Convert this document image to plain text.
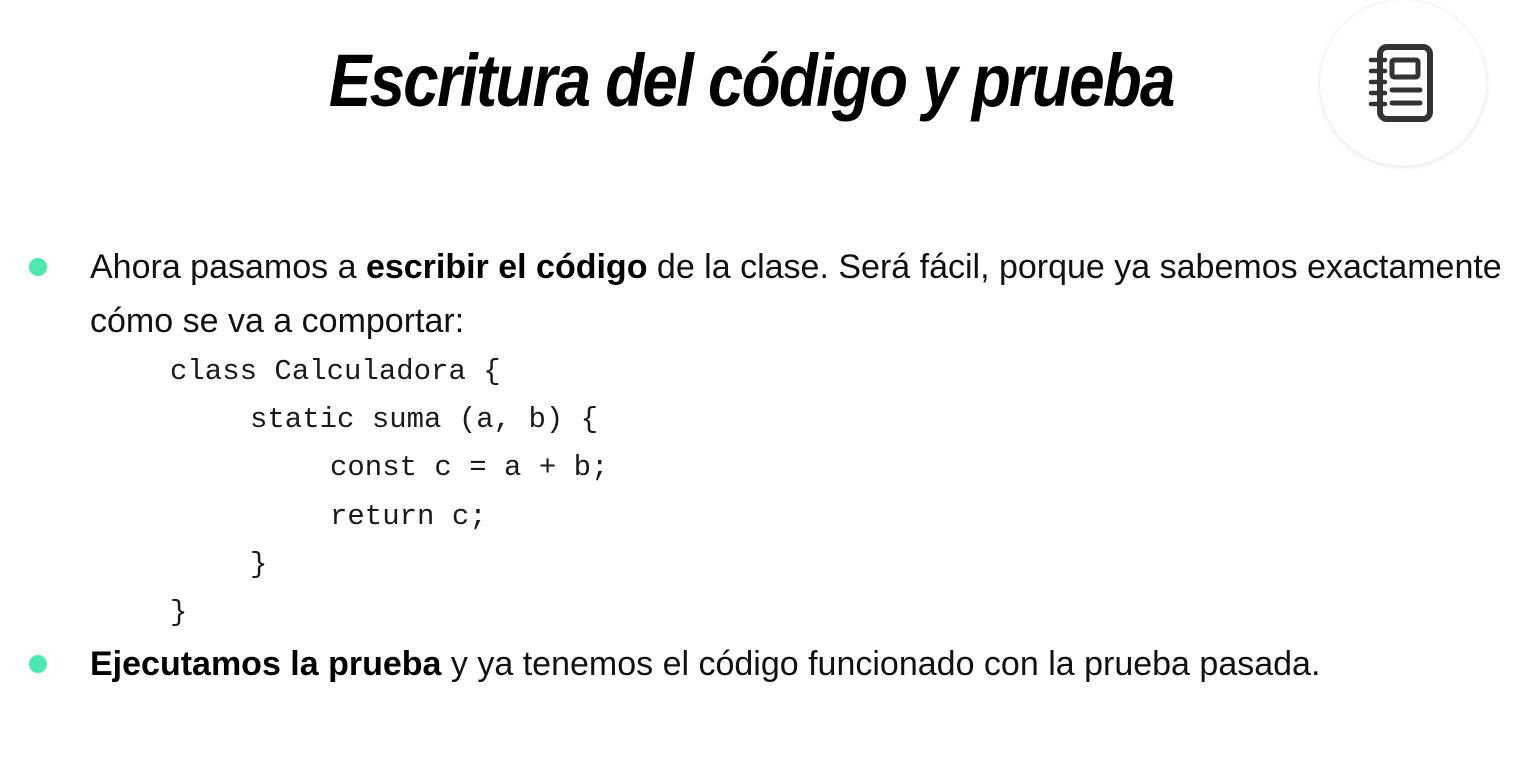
Escritura del código y prueba
Ahora pasamos a escribir el código de la clase. Será fácil, porque ya sabemos exactamente cómo se va a comportar:
class Calculadora {
static suma (a, b) {
const c = a + b;
return c;
}
}
Ejecutamos la prueba y ya tenemos el código funcionado con la prueba pasada.
